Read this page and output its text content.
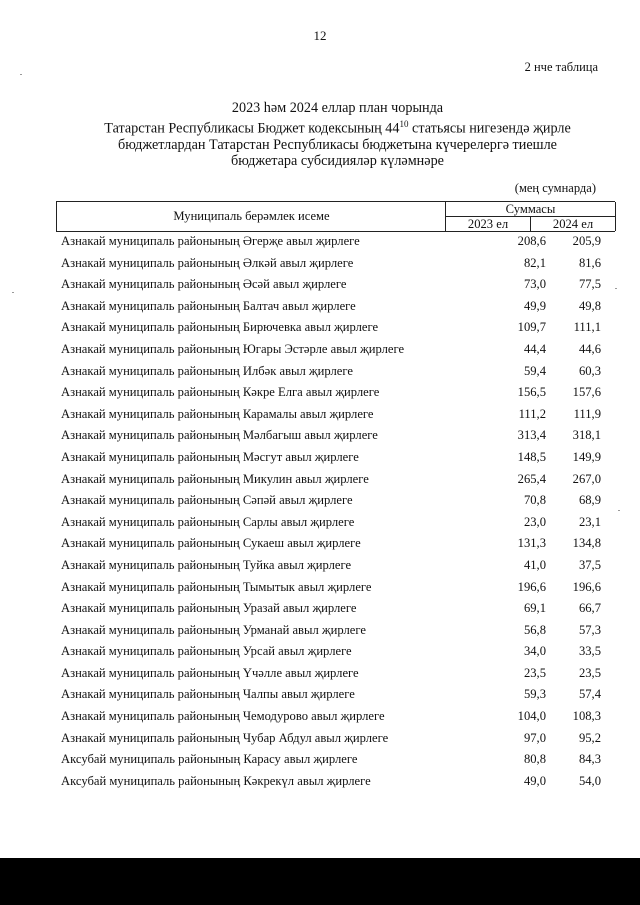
12
2 нче таблица
2023 һәм 2024 еллар план чорында
Татарстан Республикасы Бюджет кодексының $44^{10}$ статьясы нигезендә җирле
бюджетлардан Татарстан Республикасы бюджетына күчерелергә тиешле
бюджетара субсидияләр күләмнәре
(мең сумнарда)
Муниципаль берәмлек исеме	Суммасы
2023 ел	2024 ел
Азнакай муниципаль районының Әгерҗе авыл җирлеге	208,6	205,9
Азнакай муниципаль районының Әлкәй авыл җирлеге	82,1	81,6
Азнакай муниципаль районының Әсәй авыл җирлеге	73,0	77,5
Азнакай муниципаль районының Балтач авыл җирлеге	49,9	49,8
Азнакай муниципаль районының Бирючевка авыл җирлеге	109,7	111,1
Азнакай муниципаль районының Югары Эстәрле авыл җирлеге	44,4	44,6
Азнакай муниципаль районының Илбәк авыл җирлеге	59,4	60,3
Азнакай муниципаль районының Кәкре Елга авыл җирлеге	156,5	157,6
Азнакай муниципаль районының Карамалы авыл җирлеге	111,2	111,9
Азнакай муниципаль районының Мәлбагыш авыл җирлеге	313,4	318,1
Азнакай муниципаль районының Мәсгут авыл җирлеге	148,5	149,9
Азнакай муниципаль районының Микулин авыл җирлеге	265,4	267,0
Азнакай муниципаль районының Сәпәй авыл җирлеге	70,8	68,9
Азнакай муниципаль районының Сарлы авыл җирлеге	23,0	23,1
Азнакай муниципаль районының Сукаеш авыл җирлеге	131,3	134,8
Азнакай муниципаль районының Туйка авыл җирлеге	41,0	37,5
Азнакай муниципаль районының Тымытык авыл җирлеге	196,6	196,6
Азнакай муниципаль районының Уразай авыл җирлеге	69,1	66,7
Азнакай муниципаль районының Урманай авыл җирлеге	56,8	57,3
Азнакай муниципаль районының Урсай авыл җирлеге	34,0	33,5
Азнакай муниципаль районының Үчәлле авыл җирлеге	23,5	23,5
Азнакай муниципаль районының Чалпы авыл җирлеге	59,3	57,4
Азнакай муниципаль районының Чемодурово авыл җирлеге	104,0	108,3
Азнакай муниципаль районының Чубар Абдул авыл җирлеге	97,0	95,2
Аксубай муниципаль районының Карасу авыл җирлеге	80,8	84,3
Аксубай муниципаль районының Кәкрекүл авыл җирлеге	49,0	54,0
